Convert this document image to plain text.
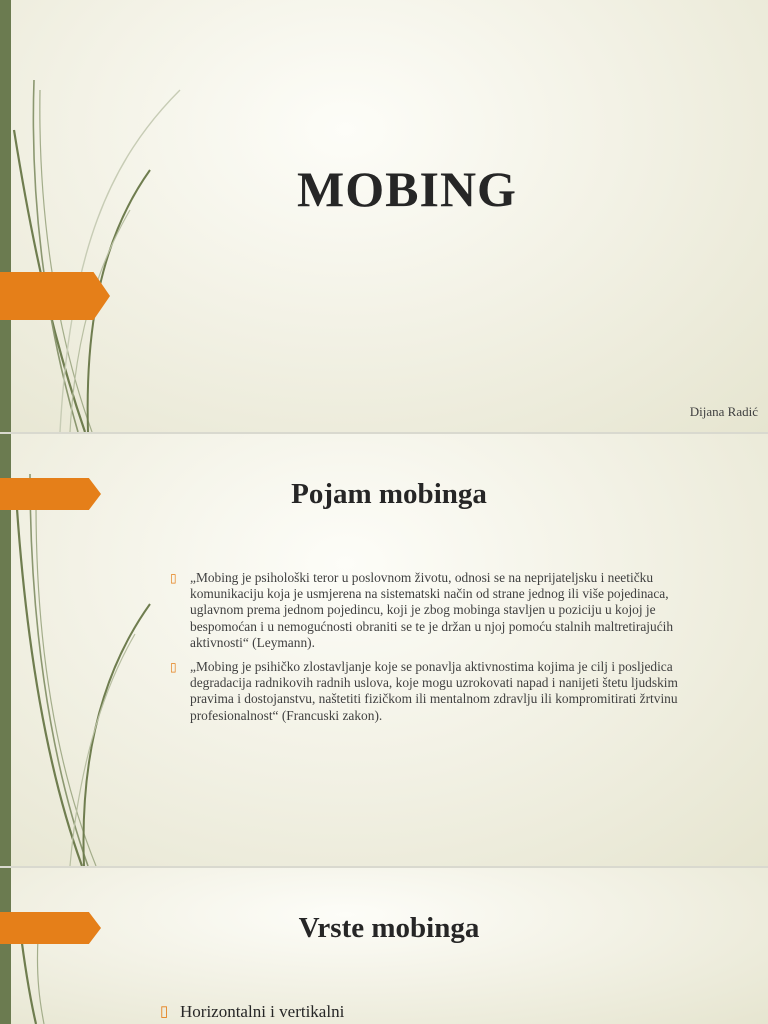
MOBING
Dijana Radić
Pojam mobinga
▯ „Mobing je psihološki teror u poslovnom životu, odnosi se na neprijateljsku i neetičku komunikaciju koja je usmjerena na sistematski način od strane jednog ili više pojedinaca, uglavnom prema jednom pojedincu, koji je zbog mobinga stavljen u poziciju u kojoj je bespomoćan i u nemogućnosti obraniti se te je držan u njoj pomoću stalnih maltretirajućih aktivnosti“ (Leymann).
▯ „Mobing je psihičko zlostavljanje koje se ponavlja aktivnostima kojima je cilj i posljedica degradacija radnikovih radnih uslova, koje mogu uzrokovati napad i nanijeti štetu ljudskim pravima i dostojanstvu, naštetiti fizičkom ili mentalnom zdravlju ili kompromitirati žrtvinu profesionalnost“ (Francuski zakon).
Vrste mobinga
▯ Horizontalni i vertikalni
